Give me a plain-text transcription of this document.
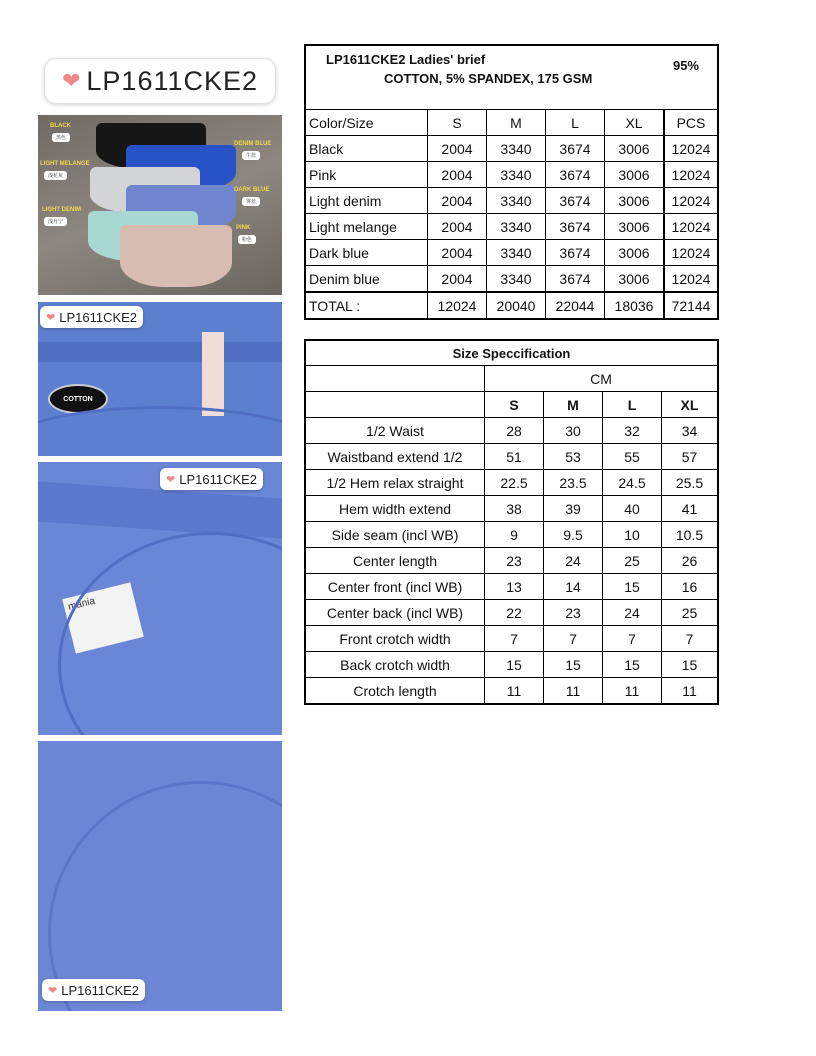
❤ LP1611CKE2
BLACK
黑色
DENIM BLUE
牛蓝
LIGHT MELANGE
浅花灰
DARK BLUE
雾蓝
LIGHT DENIM
浅丹宁
PINK
粉色
COTTON
❤ LP1611CKE2
mania
❤ LP1611CKE2
❤ LP1611CKE2
LP1611CKE2 Ladies' brief 95%
COTTON, 5% SPANDEX, 175 GSM					

Color/Size	S	M	L	XL	PCS
Black	2004	3340	3674	3006	12024
Pink	2004	3340	3674	3006	12024
Light denim	2004	3340	3674	3006	12024
Light melange	2004	3340	3674	3006	12024
Dark blue	2004	3340	3674	3006	12024
Denim blue	2004	3340	3674	3006	12024
TOTAL :	12024	20040	22044	18036	72144
Size Speccification				
	CM			
	S	M	L	XL
1/2 Waist	28	30	32	34
Waistband extend 1/2	51	53	55	57
1/2 Hem relax straight	22.5	23.5	24.5	25.5
Hem width extend	38	39	40	41
Side seam (incl WB)	9	9.5	10	10.5
Center length	23	24	25	26
Center front (incl WB)	13	14	15	16
Center back (incl WB)	22	23	24	25
Front crotch width	7	7	7	7
Back crotch width	15	15	15	15
Crotch length	11	11	11	11
